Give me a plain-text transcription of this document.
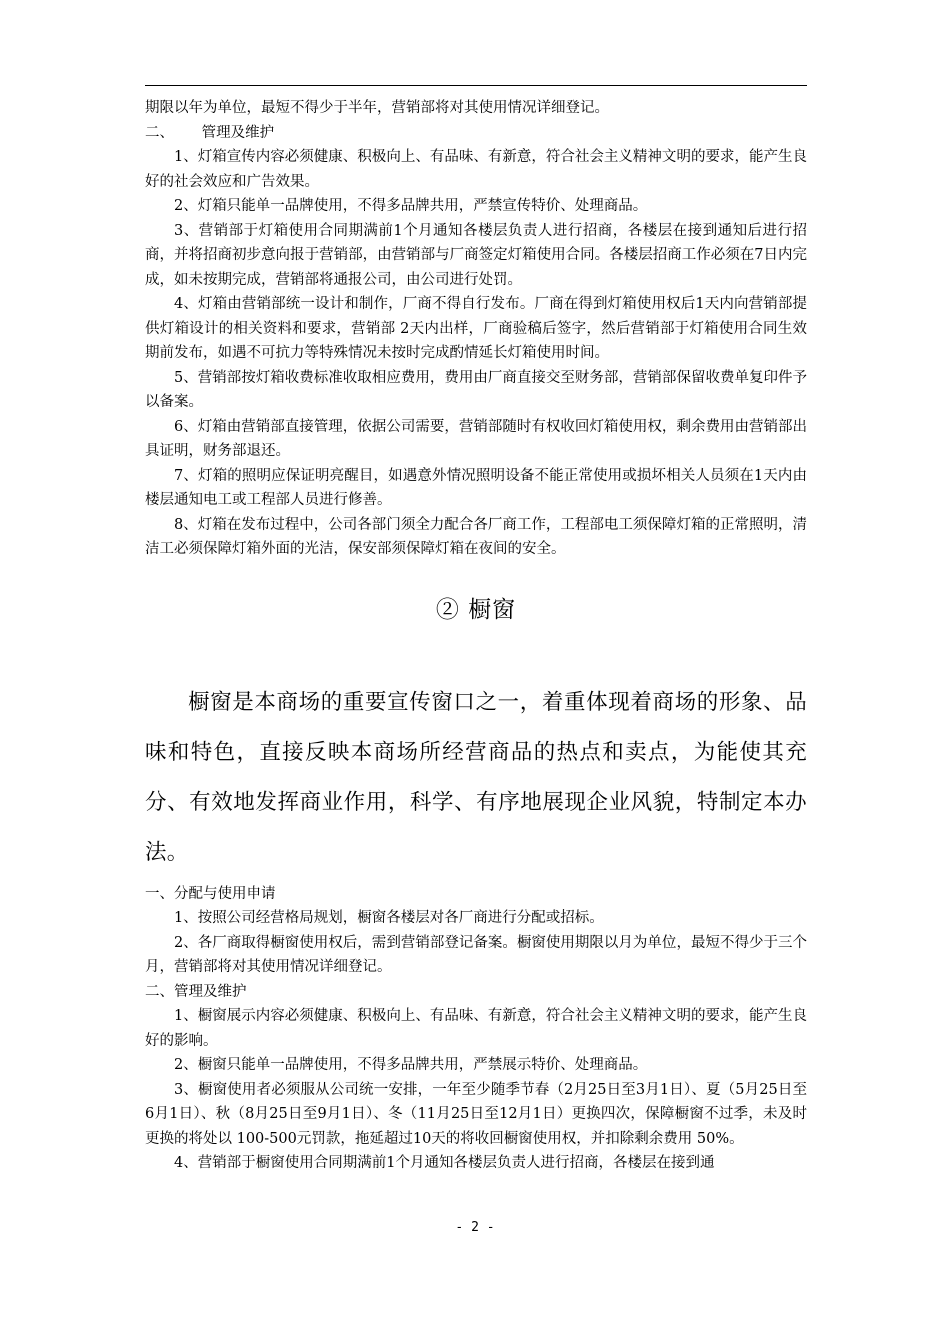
期限以年为单位，最短不得少于半年，营销部将对其使用情况详细登记。

二、      管理及维护

1、灯箱宣传内容必须健康、积极向上、有品味、有新意，符合社会主义精神文明的要求，能产生良好的社会效应和广告效果。

2、灯箱只能单一品牌使用，不得多品牌共用，严禁宣传特价、处理商品。

3、营销部于灯箱使用合同期满前1个月通知各楼层负责人进行招商，各楼层在接到通知后进行招商，并将招商初步意向报于营销部，由营销部与厂商签定灯箱使用合同。各楼层招商工作必须在7日内完成，如未按期完成，营销部将通报公司，由公司进行处罚。

4、灯箱由营销部统一设计和制作，厂商不得自行发布。厂商在得到灯箱使用权后1天内向营销部提供灯箱设计的相关资料和要求，营销部 2天内出样，厂商验稿后签字，然后营销部于灯箱使用合同生效期前发布，如遇不可抗力等特殊情况未按时完成酌情延长灯箱使用时间。

5、营销部按灯箱收费标准收取相应费用，费用由厂商直接交至财务部，营销部保留收费单复印件予以备案。

6、灯箱由营销部直接管理，依据公司需要，营销部随时有权收回灯箱使用权，剩余费用由营销部出具证明，财务部退还。

7、灯箱的照明应保证明亮醒目，如遇意外情况照明设备不能正常使用或损坏相关人员须在1天内由楼层通知电工或工程部人员进行修善。

8、灯箱在发布过程中，公司各部门须全力配合各厂商工作，工程部电工须保障灯箱的正常照明，清洁工必须保障灯箱外面的光洁，保安部须保障灯箱在夜间的安全。

② 橱窗

橱窗是本商场的重要宣传窗口之一，着重体现着商场的形象、品味和特色，直接反映本商场所经营商品的热点和卖点，为能使其充分、有效地发挥商业作用，科学、有序地展现企业风貌，特制定本办法。

一、分配与使用申请

1、按照公司经营格局规划，橱窗各楼层对各厂商进行分配或招标。

2、各厂商取得橱窗使用权后，需到营销部登记备案。橱窗使用期限以月为单位，最短不得少于三个月，营销部将对其使用情况详细登记。

二、管理及维护

1、橱窗展示内容必须健康、积极向上、有品味、有新意，符合社会主义精神文明的要求，能产生良好的影响。

2、橱窗只能单一品牌使用，不得多品牌共用，严禁展示特价、处理商品。

3、橱窗使用者必须服从公司统一安排，一年至少随季节春（2月25日至3月1日）、夏（5月25日至6月1日）、秋（8月25日至9月1日）、冬（11月25日至12月1日）更换四次，保障橱窗不过季，未及时更换的将处以 100-500元罚款，拖延超过10天的将收回橱窗使用权，并扣除剩余费用 50%。

4、营销部于橱窗使用合同期满前1个月通知各楼层负责人进行招商，各楼层在接到通

- 2 -
